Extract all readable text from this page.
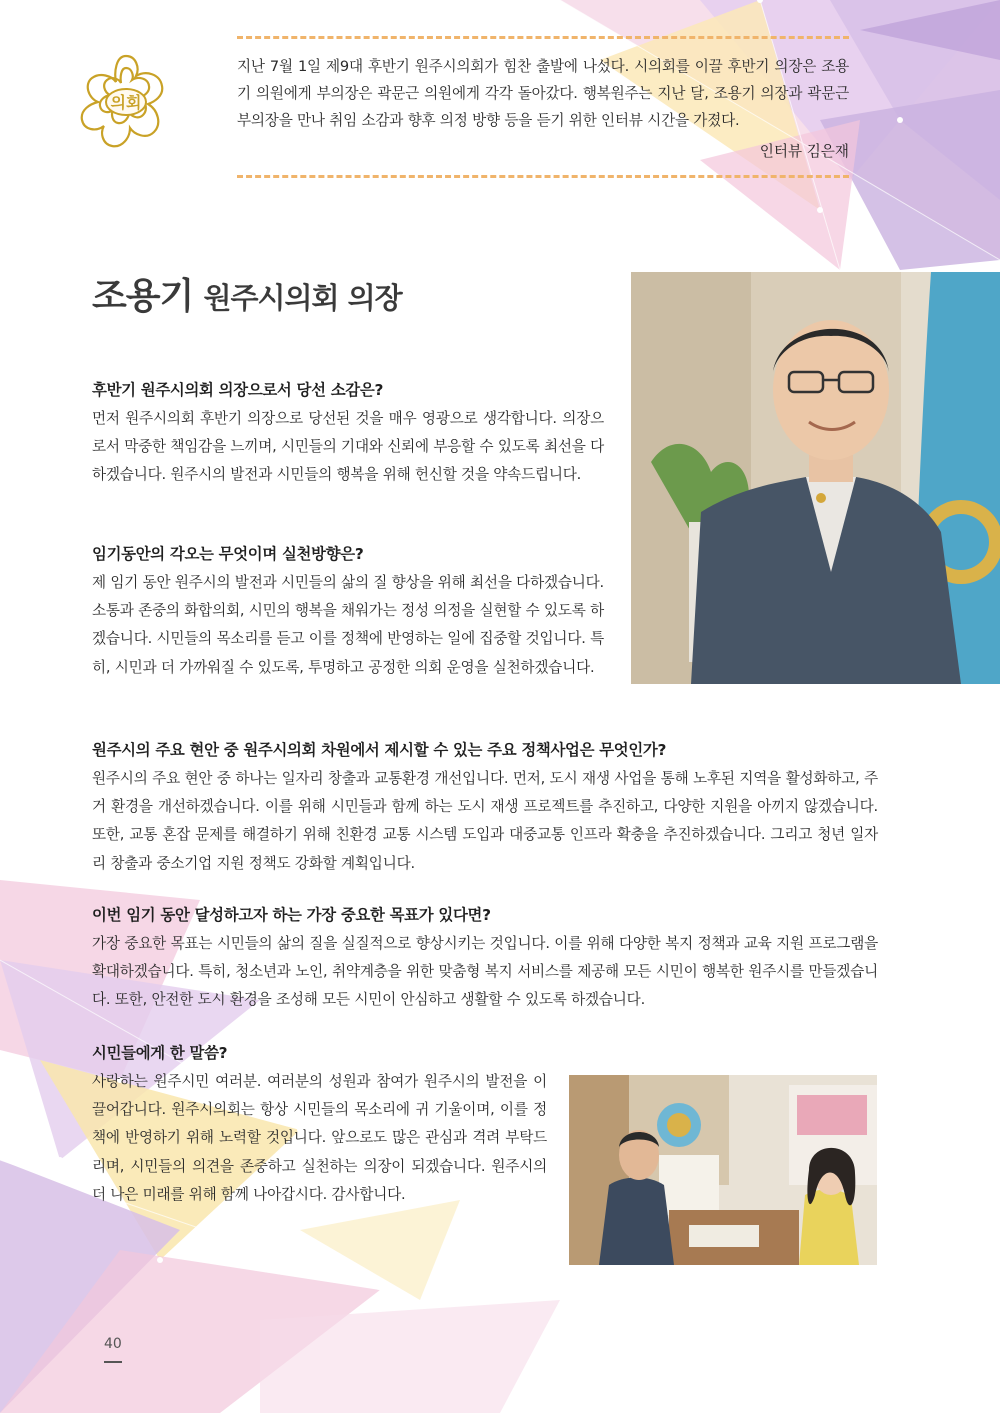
의회

지난 7월 1일 제9대 후반기 원주시의회가 힘찬 출발에 나섰다. 시의회를 이끌 후반기 의장은 조용기 의원에게 부의장은 곽문근 의원에게 각각 돌아갔다. 행복원주는 지난 달, 조용기 의장과 곽문근 부의장을 만나 취임 소감과 향후 의정 방향 등을 듣기 위한 인터뷰 시간을 가졌다.

인터뷰 김은재
조용기 원주시의회 의장

후반기 원주시의회 의장으로서 당선 소감은?

먼저 원주시의회 후반기 의장으로 당선된 것을 매우 영광으로 생각합니다. 의장으로서 막중한 책임감을 느끼며, 시민들의 기대와 신뢰에 부응할 수 있도록 최선을 다하겠습니다. 원주시의 발전과 시민들의 행복을 위해 헌신할 것을 약속드립니다.

임기동안의 각오는 무엇이며 실천방향은?

제 임기 동안 원주시의 발전과 시민들의 삶의 질 향상을 위해 최선을 다하겠습니다. 소통과 존중의 화합의회, 시민의 행복을 채워가는 정성 의정을 실현할 수 있도록 하겠습니다. 시민들의 목소리를 듣고 이를 정책에 반영하는 일에 집중할 것입니다. 특히, 시민과 더 가까워질 수 있도록, 투명하고 공정한 의회 운영을 실천하겠습니다.

원주시의 주요 현안 중 원주시의회 차원에서 제시할 수 있는 주요 정책사업은 무엇인가?

원주시의 주요 현안 중 하나는 일자리 창출과 교통환경 개선입니다. 먼저, 도시 재생 사업을 통해 노후된 지역을 활성화하고, 주거 환경을 개선하겠습니다. 이를 위해 시민들과 함께 하는 도시 재생 프로젝트를 추진하고, 다양한 지원을 아끼지 않겠습니다. 또한, 교통 혼잡 문제를 해결하기 위해 친환경 교통 시스템 도입과 대중교통 인프라 확충을 추진하겠습니다. 그리고 청년 일자리 창출과 중소기업 지원 정책도 강화할 계획입니다.

이번 임기 동안 달성하고자 하는 가장 중요한 목표가 있다면?

가장 중요한 목표는 시민들의 삶의 질을 실질적으로 향상시키는 것입니다. 이를 위해 다양한 복지 정책과 교육 지원 프로그램을 확대하겠습니다. 특히, 청소년과 노인, 취약계층을 위한 맞춤형 복지 서비스를 제공해 모든 시민이 행복한 원주시를 만들겠습니다. 또한, 안전한 도시 환경을 조성해 모든 시민이 안심하고 생활할 수 있도록 하겠습니다.

시민들에게 한 말씀?

사랑하는 원주시민 여러분. 여러분의 성원과 참여가 원주시의 발전을 이끌어갑니다. 원주시의회는 항상 시민들의 목소리에 귀 기울이며, 이를 정책에 반영하기 위해 노력할 것입니다. 앞으로도 많은 관심과 격려 부탁드리며, 시민들의 의견을 존중하고 실천하는 의장이 되겠습니다. 원주시의 더 나은 미래를 위해 함께 나아갑시다. 감사합니다.

40
